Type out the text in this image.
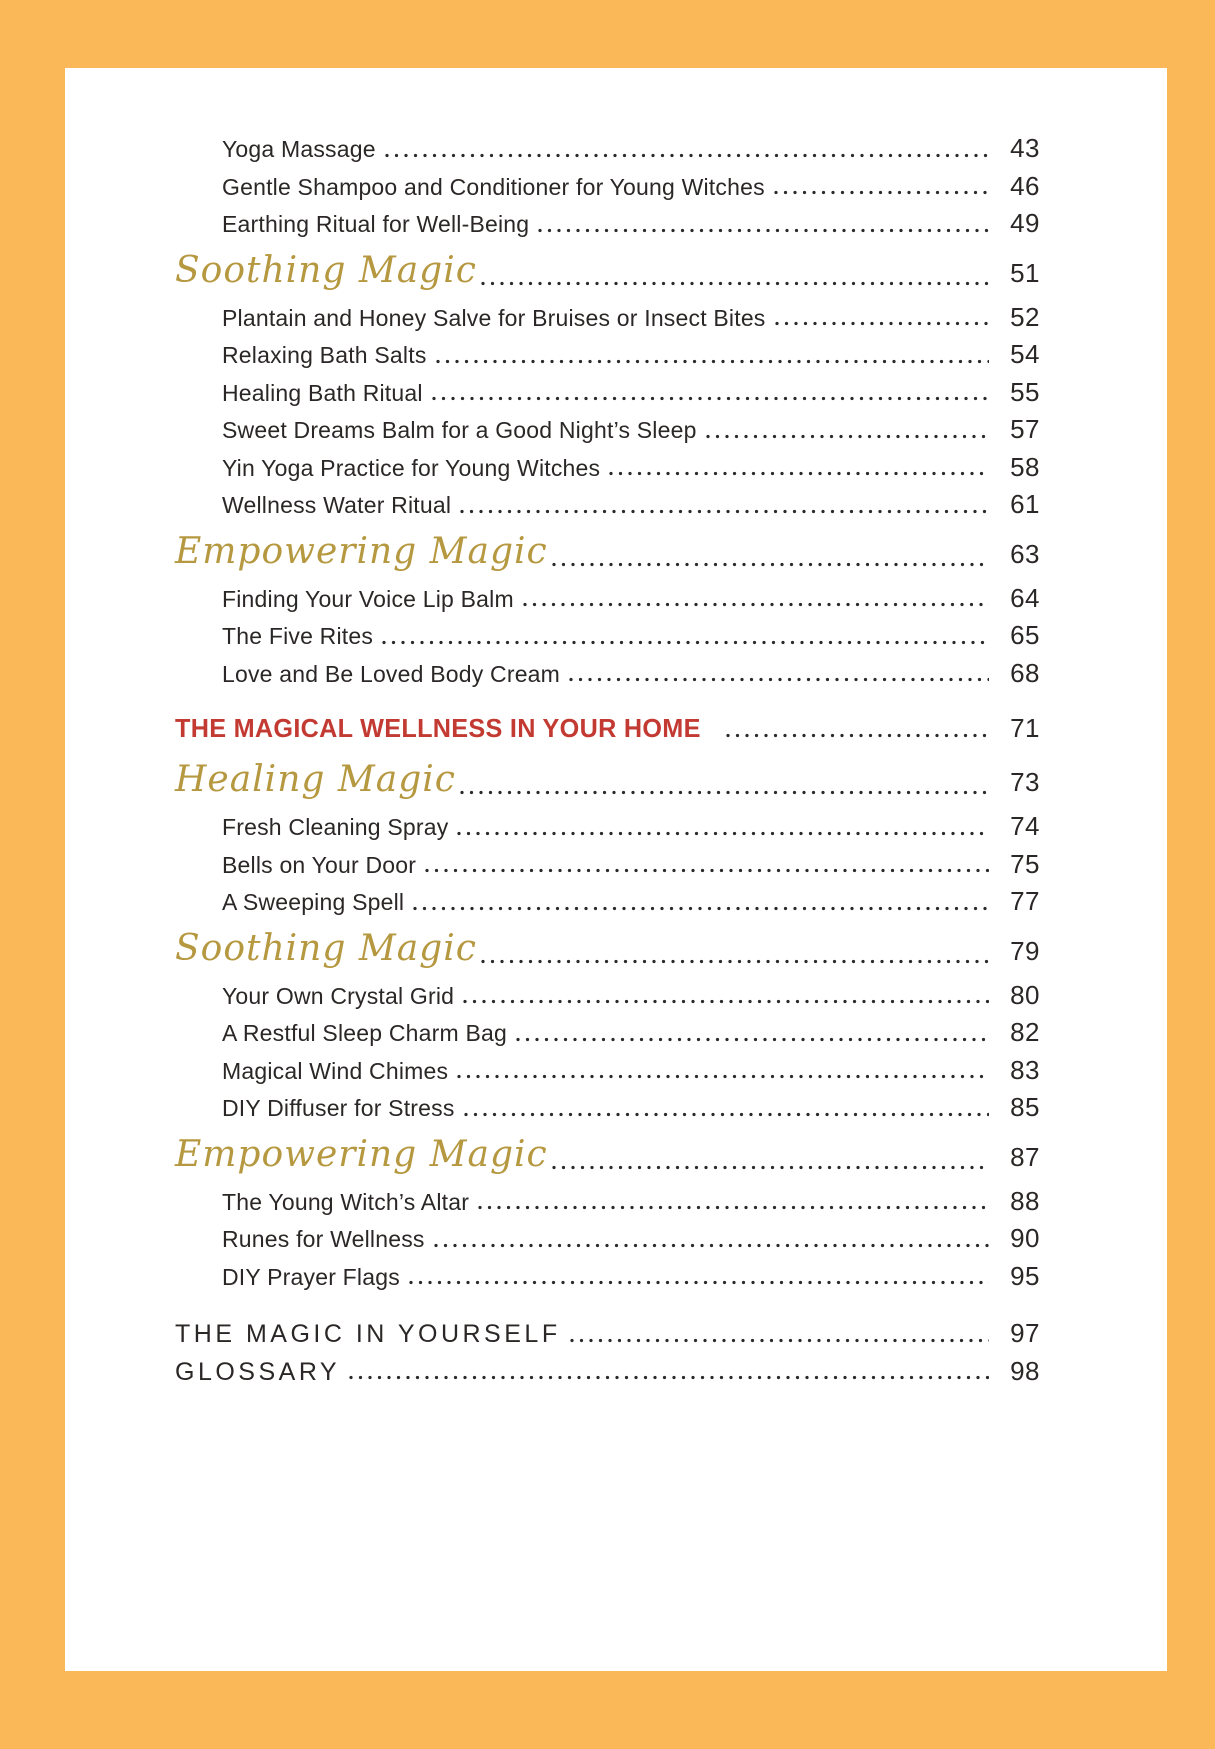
Yoga Massage	43
Gentle Shampoo and Conditioner for Young Witches	46
Earthing Ritual for Well-Being	49
Soothing Magic	51
Plantain and Honey Salve for Bruises or Insect Bites	52
Relaxing Bath Salts	54
Healing Bath Ritual	55
Sweet Dreams Balm for a Good Night’s Sleep	57
Yin Yoga Practice for Young Witches	58
Wellness Water Ritual	61
Empowering Magic	63
Finding Your Voice Lip Balm	64
The Five Rites	65
Love and Be Loved Body Cream	68
THE MAGICAL WELLNESS IN YOUR HOME	71
Healing Magic	73
Fresh Cleaning Spray	74
Bells on Your Door	75
A Sweeping Spell	77
Soothing Magic	79
Your Own Crystal Grid	80
A Restful Sleep Charm Bag	82
Magical Wind Chimes	83
DIY Diffuser for Stress	85
Empowering Magic	87
The Young Witch’s Altar	88
Runes for Wellness	90
DIY Prayer Flags	95
THE MAGIC IN YOURSELF	97
GLOSSARY	98
